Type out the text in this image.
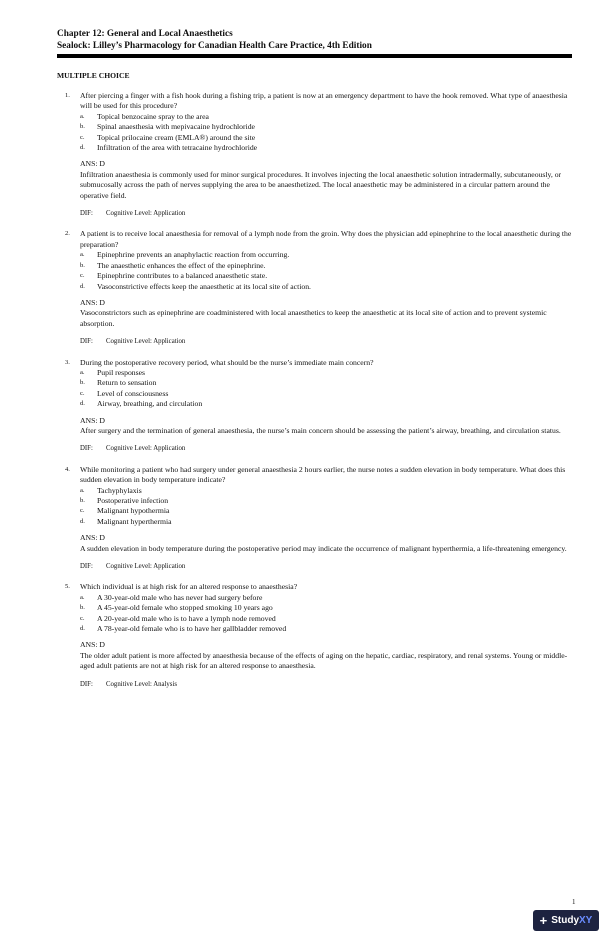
Chapter 12: General and Local Anaesthetics
Sealock: Lilley’s Pharmacology for Canadian Health Care Practice, 4th Edition
MULTIPLE CHOICE
1. After piercing a finger with a fish hook during a fishing trip, a patient is now at an emergency department to have the hook removed. What type of anaesthesia will be used for this procedure?

a. Topical benzocaine spray to the area
b. Spinal anaesthesia with mepivacaine hydrochloride
c. Topical prilocaine cream (EMLA®) around the site
d. Infiltration of the area with tetracaine hydrochloride
ANS: D
Infiltration anaesthesia is commonly used for minor surgical procedures. It involves injecting the local anaesthetic solution intradermally, subcutaneously, or submucosally across the path of nerves supplying the area to be anaesthetized. The local anaesthetic may be administered in a circular pattern around the operative field.
DIF: Cognitive Level: Application
2. A patient is to receive local anaesthesia for removal of a lymph node from the groin. Why does the physician add epinephrine to the local anaesthetic during the preparation?

a. Epinephrine prevents an anaphylactic reaction from occurring.
b. The anaesthetic enhances the effect of the epinephrine.
c. Epinephrine contributes to a balanced anaesthetic state.
d. Vasoconstrictive effects keep the anaesthetic at its local site of action.
ANS: D
Vasoconstrictors such as epinephrine are coadministered with local anaesthetics to keep the anaesthetic at its local site of action and to prevent systemic absorption.
DIF: Cognitive Level: Application
3. During the postoperative recovery period, what should be the nurse’s immediate main concern?

a. Pupil responses
b. Return to sensation
c. Level of consciousness
d. Airway, breathing, and circulation
ANS: D
After surgery and the termination of general anaesthesia, the nurse’s main concern should be assessing the patient’s airway, breathing, and circulation status.
DIF: Cognitive Level: Application
4. While monitoring a patient who had surgery under general anaesthesia 2 hours earlier, the nurse notes a sudden elevation in body temperature. What does this sudden elevation in body temperature indicate?

a. Tachyphylaxis
b. Postoperative infection
c. Malignant hypothermia
d. Malignant hyperthermia
ANS: D
A sudden elevation in body temperature during the postoperative period may indicate the occurrence of malignant hyperthermia, a life-threatening emergency.
DIF: Cognitive Level: Application
5. Which individual is at high risk for an altered response to anaesthesia?

a. A 30-year-old male who has never had surgery before
b. A 45-year-old female who stopped smoking 10 years ago
c. A 20-year-old male who is to have a lymph node removed
d. A 78-year-old female who is to have her gallbladder removed
ANS: D
The older adult patient is more affected by anaesthesia because of the effects of aging on the hepatic, cardiac, respiratory, and renal systems. Young or middle-aged adult patients are not at high risk for an altered response to anaesthesia.
DIF: Cognitive Level: Analysis
1
+ Study XY
